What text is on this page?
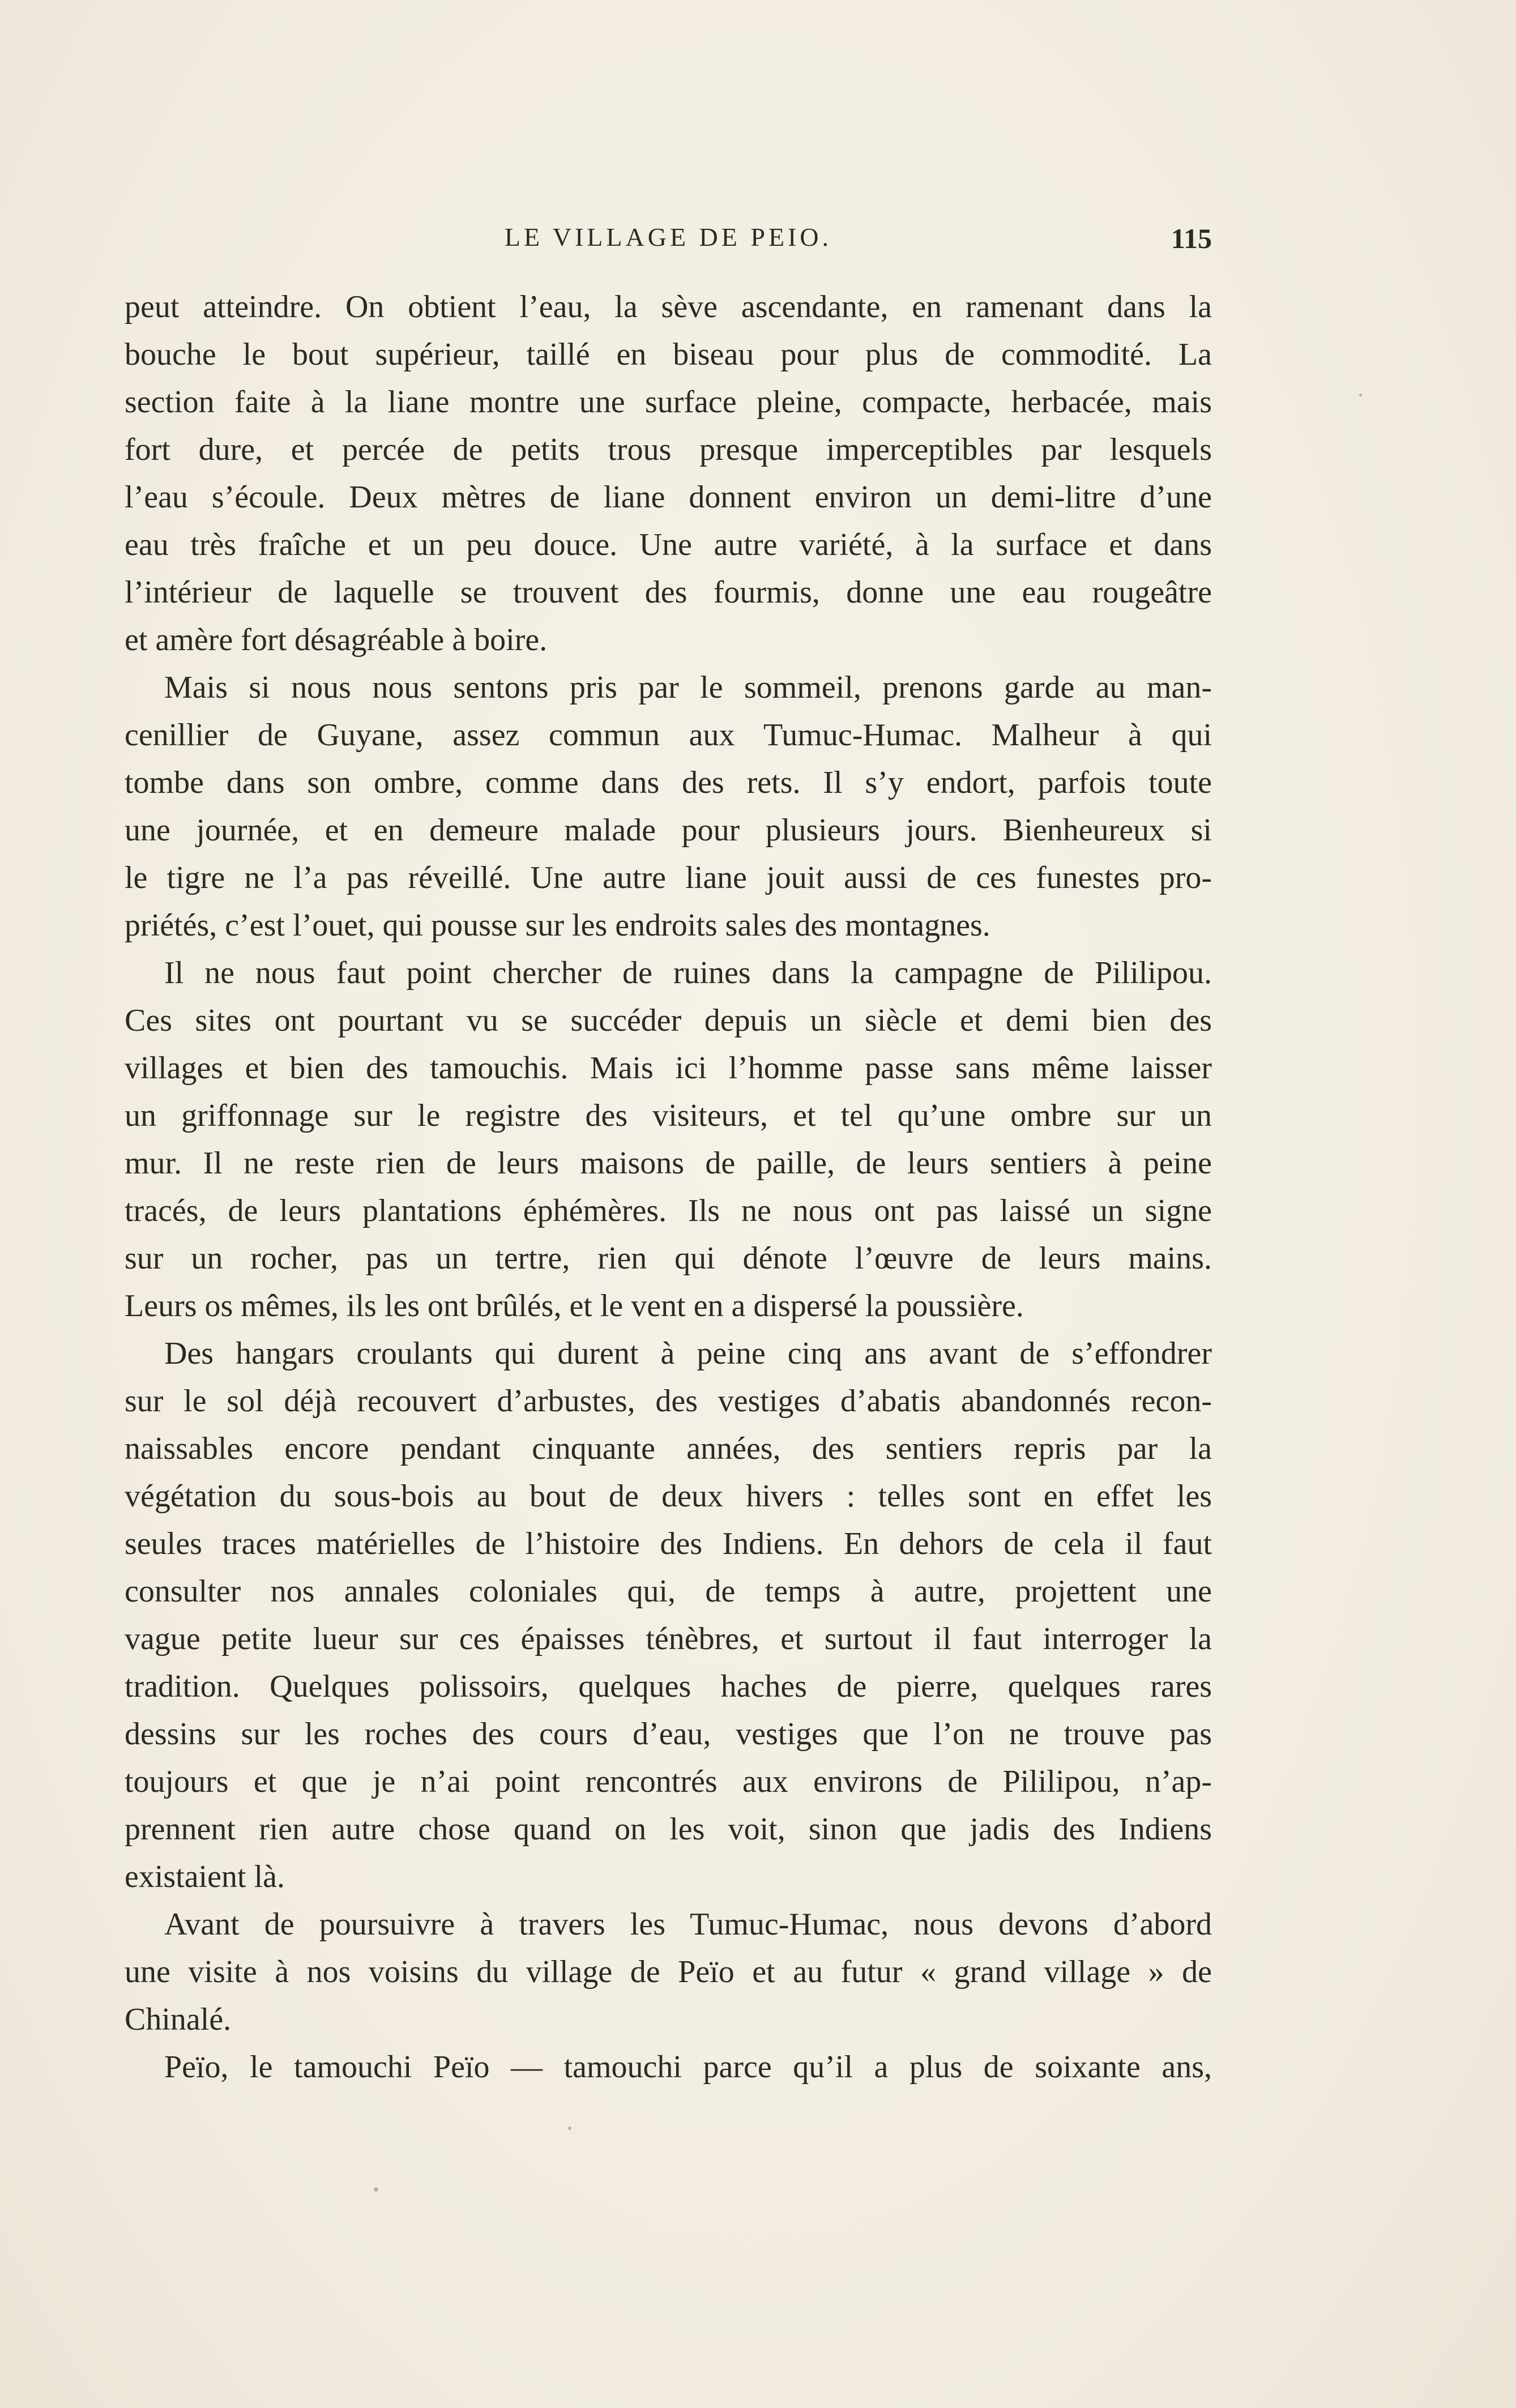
LE VILLAGE DE PEIO.	115
peut atteindre. On obtient l’eau, la sève ascendante, en ramenant dans la
bouche le bout supérieur, taillé en biseau pour plus de commodité. La
section faite à la liane montre une surface pleine, compacte, herbacée, mais
fort dure, et percée de petits trous presque imperceptibles par lesquels
l’eau s’écoule. Deux mètres de liane donnent environ un demi-litre d’une
eau très fraîche et un peu douce. Une autre variété, à la surface et dans
l’intérieur de laquelle se trouvent des fourmis, donne une eau rougeâtre
et amère fort désagréable à boire.
Mais si nous nous sentons pris par le sommeil, prenons garde au man-
cenillier de Guyane, assez commun aux Tumuc-Humac. Malheur à qui
tombe dans son ombre, comme dans des rets. Il s’y endort, parfois toute
une journée, et en demeure malade pour plusieurs jours. Bienheureux si
le tigre ne l’a pas réveillé. Une autre liane jouit aussi de ces funestes pro-
priétés, c’est l’ouet, qui pousse sur les endroits sales des montagnes.
Il ne nous faut point chercher de ruines dans la campagne de Pililipou.
Ces sites ont pourtant vu se succéder depuis un siècle et demi bien des
villages et bien des tamouchis. Mais ici l’homme passe sans même laisser
un griffonnage sur le registre des visiteurs, et tel qu’une ombre sur un
mur. Il ne reste rien de leurs maisons de paille, de leurs sentiers à peine
tracés, de leurs plantations éphémères. Ils ne nous ont pas laissé un signe
sur un rocher, pas un tertre, rien qui dénote l’œuvre de leurs mains.
Leurs os mêmes, ils les ont brûlés, et le vent en a dispersé la poussière.
Des hangars croulants qui durent à peine cinq ans avant de s’effondrer
sur le sol déjà recouvert d’arbustes, des vestiges d’abatis abandonnés recon-
naissables encore pendant cinquante années, des sentiers repris par la
végétation du sous-bois au bout de deux hivers : telles sont en effet les
seules traces matérielles de l’histoire des Indiens. En dehors de cela il faut
consulter nos annales coloniales qui, de temps à autre, projettent une
vague petite lueur sur ces épaisses ténèbres, et surtout il faut interroger la
tradition. Quelques polissoirs, quelques haches de pierre, quelques rares
dessins sur les roches des cours d’eau, vestiges que l’on ne trouve pas
toujours et que je n’ai point rencontrés aux environs de Pililipou, n’ap-
prennent rien autre chose quand on les voit, sinon que jadis des Indiens
existaient là.
Avant de poursuivre à travers les Tumuc-Humac, nous devons d’abord
une visite à nos voisins du village de Peïo et au futur « grand village » de
Chinalé.
Peïo, le tamouchi Peïo — tamouchi parce qu’il a plus de soixante ans,
